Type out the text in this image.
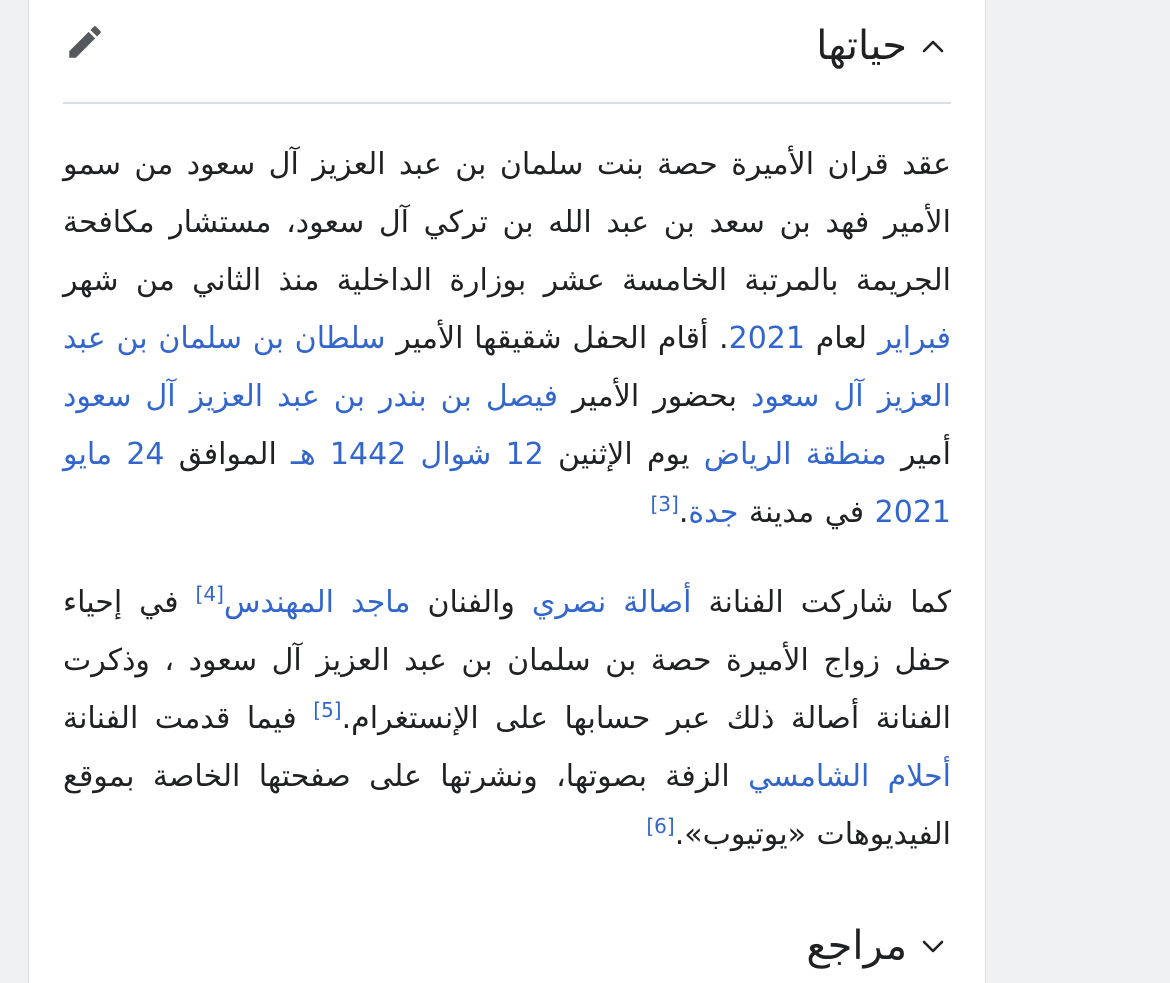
حياتها

عقد قران الأميرة حصة بنت سلمان بن عبد العزيز آل سعود من سمو الأمير فهد بن سعد بن عبد الله بن تركي آل سعود، مستشار مكافحة الجريمة بالمرتبة الخامسة عشر بوزارة الداخلية منذ الثاني من شهر فبراير لعام 2021. أقام الحفل شقيقها الأمير سلطان بن سلمان بن عبد العزيز آل سعود بحضور الأمير فيصل بن بندر بن عبد العزيز آل سعود أمير منطقة الرياض يوم الإثنين 12 شوال 1442 هـ الموافق 24 مايو 2021 في مدينة جدة.[3]

كما شاركت الفنانة أصالة نصري والفنان ماجد المهندس[4] في إحياء حفل زواج الأميرة حصة بن سلمان بن عبد العزيز آل سعود ، وذكرت الفنانة أصالة ذلك عبر حسابها على الإنستغرام.[5] فيما قدمت الفنانة أحلام الشامسي الزفة بصوتها، ونشرتها على صفحتها الخاصة بموقع الفيديوهات «يوتيوب».[6]

مراجع
